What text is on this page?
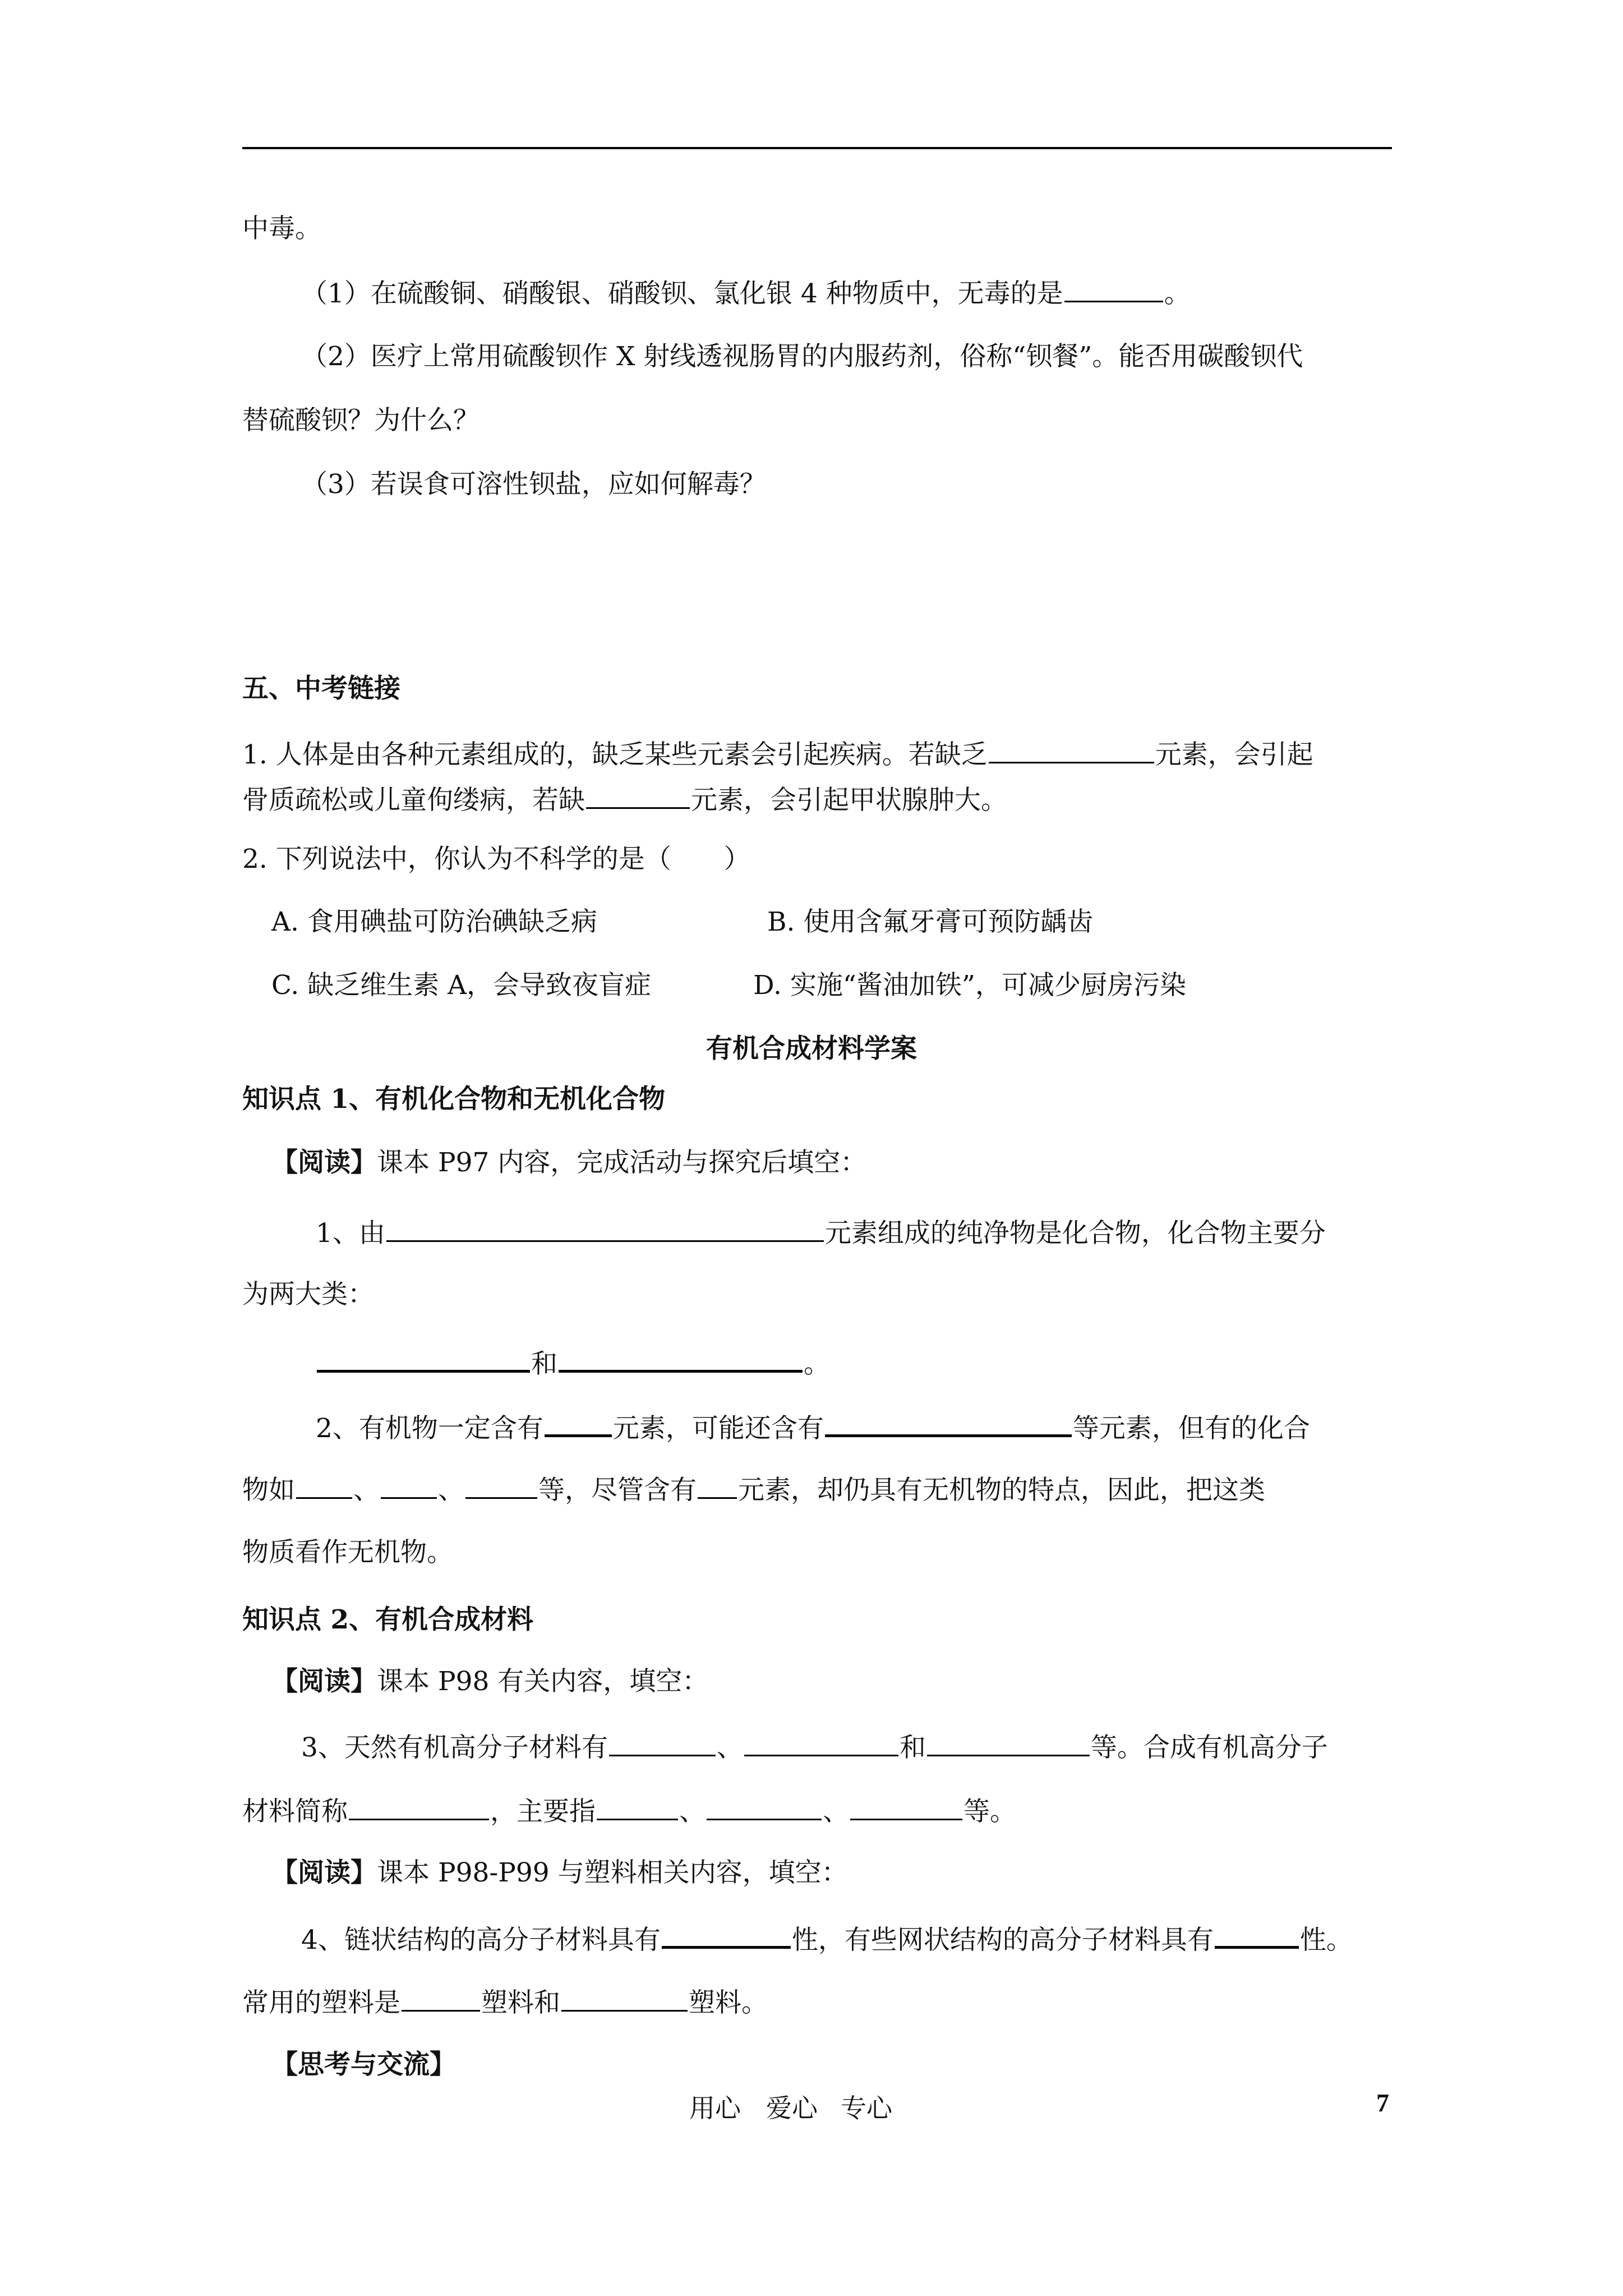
中毒。
（1）在硫酸铜、硝酸银、硝酸钡、氯化银 4 种物质中，无毒的是	。
（2）医疗上常用硫酸钡作 X 射线透视肠胃的内服药剂，俗称“钡餐”。能否用碳酸钡代
替硫酸钡？为什么？
（3）若误食可溶性钡盐，应如何解毒？
五、中考链接
1. 人体是由各种元素组成的，缺乏某些元素会引起疾病。若缺乏	元素，会引起
骨质疏松或儿童佝缕病，若缺	元素，会引起甲状腺肿大。
2. 下列说法中，你认为不科学的是（　　）
A. 食用碘盐可防治碘缺乏病	B. 使用含氟牙膏可预防龋齿
C. 缺乏维生素 A，会导致夜盲症	D. 实施“酱油加铁”，可减少厨房污染
有机合成材料学案
知识点 1、有机化合物和无机化合物
【阅读】课本 P97 内容，完成活动与探究后填空：
1、由	元素组成的纯净物是化合物，化合物主要分
为两大类：
和	。
2、有机物一定含有	元素，可能还含有	等元素，但有的化合
物如 、 、	等，尽管含有 元素，却仍具有无机物的特点，因此，把这类
物质看作无机物。
知识点 2、有机合成材料
【阅读】课本 P98 有关内容，填空：
3、天然有机高分子材料有	、	和	等。合成有机高分子
材料简称	，主要指	、	、	等。
【阅读】课本 P98-P99 与塑料相关内容，填空：
4、链状结构的高分子材料具有	性，有些网状结构的高分子材料具有	性。
常用的塑料是	塑料和	塑料。
【思考与交流】
用心 爱心 专心	7
